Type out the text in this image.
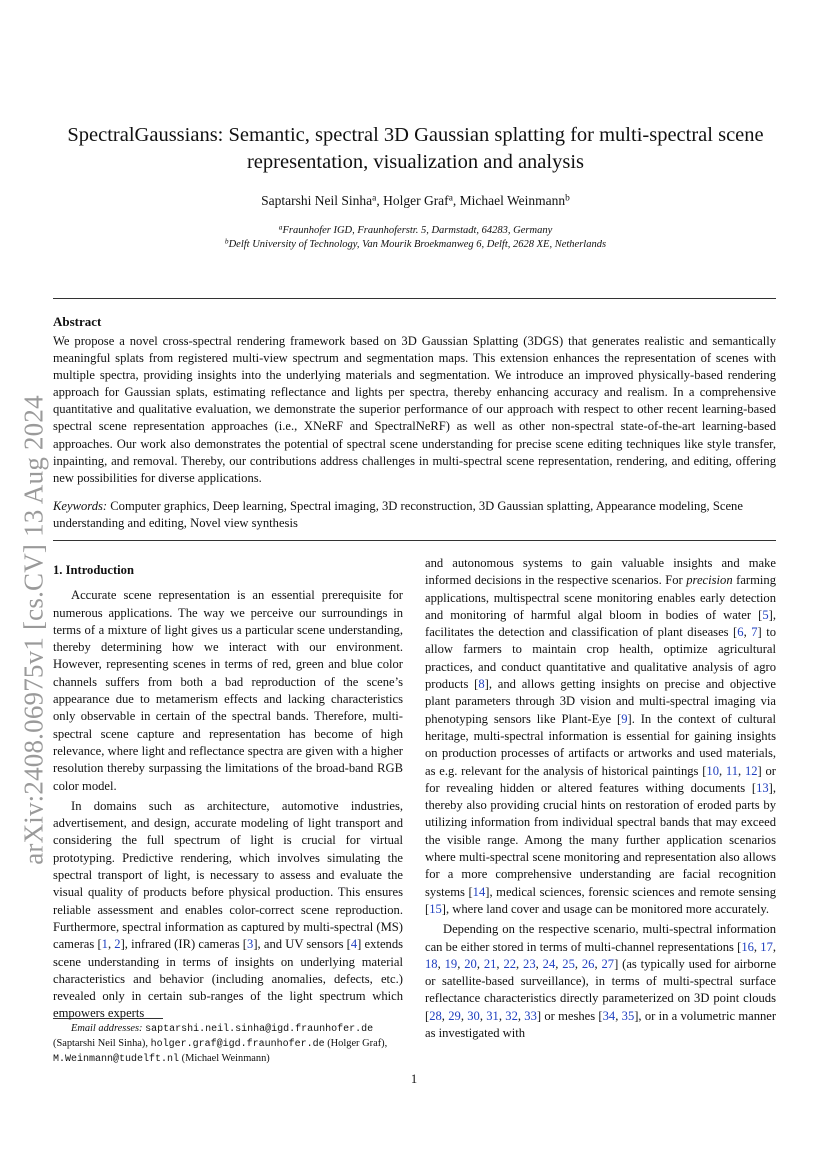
arXiv:2408.06975v1 [cs.CV] 13 Aug 2024
SpectralGaussians: Semantic, spectral 3D Gaussian splatting for multi-spectral scene
representation, visualization and analysis
Saptarshi Neil Sinha$^a$, Holger Graf$^a$, Michael Weinmann$^b$
$^a$Fraunhofer IGD, Fraunhoferstr. 5, Darmstadt, 64283, Germany
$^b$Delft University of Technology, Van Mourik Broekmanweg 6, Delft, 2628 XE, Netherlands
Abstract
We propose a novel cross-spectral rendering framework based on 3D Gaussian Splatting (3DGS) that generates realistic and semantically meaningful splats from registered multi-view spectrum and segmentation maps. This extension enhances the representation of scenes with multiple spectra, providing insights into the underlying materials and segmentation. We introduce an improved physically-based rendering approach for Gaussian splats, estimating reflectance and lights per spectra, thereby enhancing accuracy and realism. In a comprehensive quantitative and qualitative evaluation, we demonstrate the superior performance of our approach with respect to other recent learning-based spectral scene representation approaches (i.e., XNeRF and SpectralNeRF) as well as other non-spectral state-of-the-art learning-based approaches. Our work also demonstrates the potential of spectral scene understanding for precise scene editing techniques like style transfer, inpainting, and removal. Thereby, our contributions address challenges in multi-spectral scene representation, rendering, and editing, offering new possibilities for diverse applications.
Keywords: Computer graphics, Deep learning, Spectral imaging, 3D reconstruction, 3D Gaussian splatting, Appearance modeling, Scene understanding and editing, Novel view synthesis
1. Introduction

Accurate scene representation is an essential prerequisite for numerous applications. The way we perceive our surroundings in terms of a mixture of light gives us a particular scene understanding, thereby determining how we interact with our environment. However, representing scenes in terms of red, green and blue color channels suffers from both a bad reproduction of the scene’s appearance due to metamerism effects and lacking characteristics only observable in certain of the spectral bands. Therefore, multi-spectral scene capture and representation has become of high relevance, where light and reflectance spectra are given with a higher resolution thereby surpassing the limitations of the broad-band RGB color model.

In domains such as architecture, automotive industries, advertisement, and design, accurate modeling of light transport and considering the full spectrum of light is crucial for virtual prototyping. Predictive rendering, which involves simulating the spectral transport of light, is necessary to assess and evaluate the visual quality of products before physical production. This ensures reliable assessment and enables color-correct scene reproduction. Furthermore, spectral information as captured by multi-spectral (MS) cameras [1, 2], infrared (IR) cameras [3], and UV sensors [4] extends scene understanding in terms of insights on underlying material characteristics and behavior (including anomalies, defects, etc.) revealed only in certain sub-ranges of the light spectrum which empowers experts

and autonomous systems to gain valuable insights and make informed decisions in the respective scenarios. For precision farming applications, multispectral scene monitoring enables early detection and monitoring of harmful algal bloom in bodies of water [5], facilitates the detection and classification of plant diseases [6, 7] to allow farmers to maintain crop health, optimize agricultural practices, and conduct quantitative and qualitative analysis of agro products [8], and allows getting insights on precise and objective plant parameters through 3D vision and multi-spectral imaging via phenotyping sensors like Plant-Eye [9]. In the context of cultural heritage, multi-spectral information is essential for gaining insights on production processes of artifacts or artworks and used materials, as e.g. relevant for the analysis of historical paintings [10, 11, 12] or for revealing hidden or altered features withing documents [13], thereby also providing crucial hints on restoration of eroded parts by utilizing information from individual spectral bands that may exceed the visible range. Among the many further application scenarios where multi-spectral scene monitoring and representation also allows for a more comprehensive understanding are facial recognition systems [14], medical sciences, forensic sciences and remote sensing [15], where land cover and usage can be monitored more accurately.

Depending on the respective scenario, multi-spectral information can be either stored in terms of multi-channel representations [16, 17, 18, 19, 20, 21, 22, 23, 24, 25, 26, 27] (as typically used for airborne or satellite-based surveillance), in terms of multi-spectral surface reflectance characteristics directly parameterized on 3D point clouds [28, 29, 30, 31, 32, 33] or meshes [34, 35], or in a volumetric manner as investigated with

Email addresses: saptarshi.neil.sinha@igd.fraunhofer.de
(Saptarshi Neil Sinha), holger.graf@igd.fraunhofer.de (Holger Graf),
M.Weinmann@tudelft.nl (Michael Weinmann)
1
